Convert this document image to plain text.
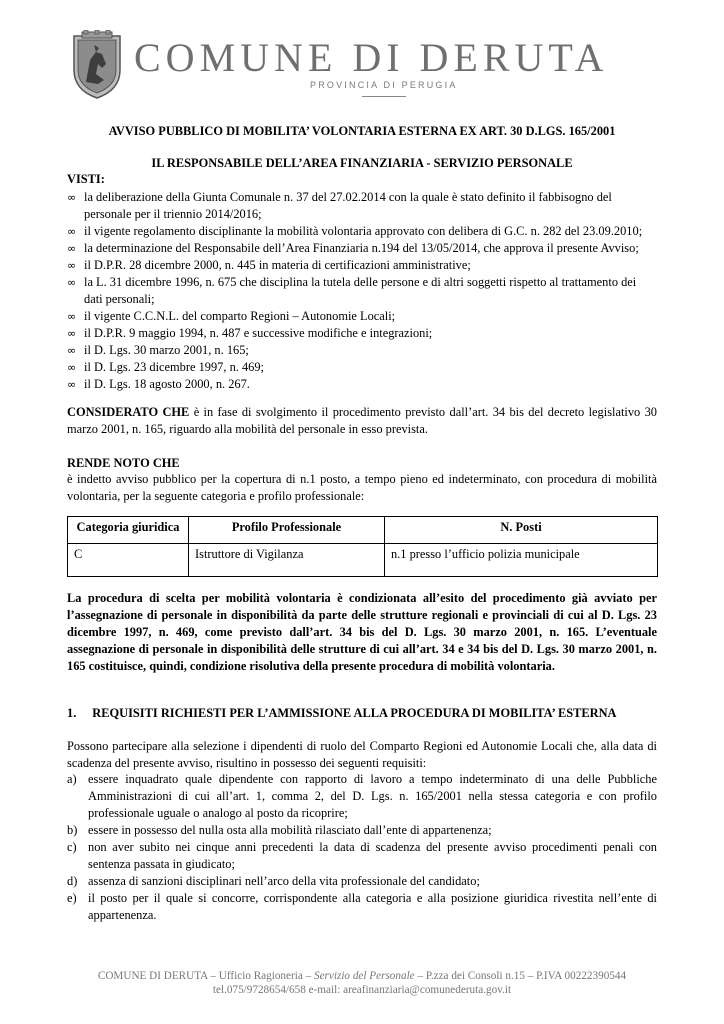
COMUNE DI DERUTA
PROVINCIA DI PERUGIA
AVVISO PUBBLICO DI MOBILITA’ VOLONTARIA ESTERNA EX ART. 30 D.LGS. 165/2001
IL RESPONSABILE DELL’AREA FINANZIARIA - SERVIZIO PERSONALE
VISTI:
∞ la deliberazione della Giunta Comunale n. 37 del 27.02.2014 con la quale è stato definito il fabbisogno del personale per il triennio 2014/2016;
∞ il vigente regolamento disciplinante la mobilità volontaria approvato con delibera di G.C. n. 282 del 23.09.2010;
∞ la determinazione del Responsabile dell’Area Finanziaria n.194 del 13/05/2014, che approva il presente Avviso;
∞ il D.P.R. 28 dicembre 2000, n. 445 in materia di certificazioni amministrative;
∞ la L. 31 dicembre 1996, n. 675 che disciplina la tutela delle persone e di altri soggetti rispetto al trattamento dei dati personali;
∞ il vigente C.C.N.L. del comparto Regioni – Autonomie Locali;
∞ il D.P.R. 9 maggio 1994, n. 487 e successive modifiche e integrazioni;
∞ il D. Lgs. 30 marzo 2001, n. 165;
∞ il D. Lgs. 23 dicembre 1997, n. 469;
∞ il D. Lgs. 18 agosto 2000, n. 267.
CONSIDERATO CHE è in fase di svolgimento il procedimento previsto dall’art. 34 bis del decreto legislativo 30 marzo 2001, n. 165, riguardo alla mobilità del personale in esso prevista.
RENDE NOTO CHE
è indetto avviso pubblico per la copertura di n.1 posto, a tempo pieno ed indeterminato, con procedura di mobilità volontaria, per la seguente categoria e profilo professionale:
Categoria giuridica	Profilo Professionale	N. Posti
C	Istruttore di Vigilanza	n.1 presso l’ufficio polizia municipale
La procedura di scelta per mobilità volontaria è condizionata all’esito del procedimento già avviato per l’assegnazione di personale in disponibilità da parte delle strutture regionali e provinciali di cui al D. Lgs. 23 dicembre 1997, n. 469, come previsto dall’art. 34 bis del D. Lgs. 30 marzo 2001, n. 165. L’eventuale assegnazione di personale in disponibilità delle strutture di cui all’art. 34 e 34 bis del D. Lgs. 30 marzo 2001, n. 165 costituisce, quindi, condizione risolutiva della presente procedura di mobilità volontaria.
1. REQUISITI RICHIESTI PER L’AMMISSIONE ALLA PROCEDURA DI MOBILITA’ ESTERNA
Possono partecipare alla selezione i dipendenti di ruolo del Comparto Regioni ed Autonomie Locali che, alla data di scadenza del presente avviso, risultino in possesso dei seguenti requisiti:
a) essere inquadrato quale dipendente con rapporto di lavoro a tempo indeterminato di una delle Pubbliche Amministrazioni di cui all’art. 1, comma 2, del D. Lgs. n. 165/2001 nella stessa categoria e con profilo professionale uguale o analogo al posto da ricoprire;
b) essere in possesso del nulla osta alla mobilità rilasciato dall’ente di appartenenza;
c) non aver subito nei cinque anni precedenti la data di scadenza del presente avviso procedimenti penali con sentenza passata in giudicato;
d) assenza di sanzioni disciplinari nell’arco della vita professionale del candidato;
e) il posto per il quale si concorre, corrispondente alla categoria e alla posizione giuridica rivestita nell’ente di appartenenza.
COMUNE DI DERUTA – Ufficio Ragioneria – Servizio del Personale – P.zza dei Consoli n.15 – P.IVA 00222390544
tel.075/9728654/658 e-mail: areafinanziaria@comunederuta.gov.it
